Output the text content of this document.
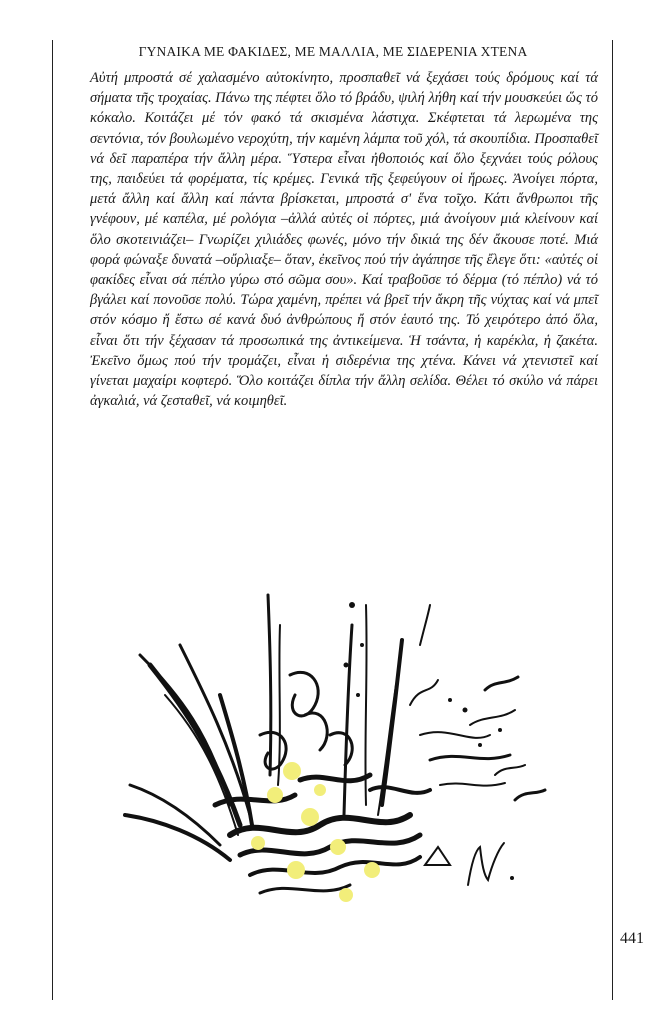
ΓΥΝΑΙΚΑ ΜΕ ΦΑΚΙΔΕΣ, ΜΕ ΜΑΛΛΙΑ, ΜΕ ΣΙΔΕΡΕΝΙΑ ΧΤΕΝΑ
Αὐτή μπροστά σέ χαλασμένο αὐτοκίνητο, προσπαθεῖ νά ξεχάσει τούς δρόμους καί τά σήματα τῆς τροχαίας. Πάνω της πέφτει ὅλο τό βράδυ, ψιλή λήθη καί τήν μουσκεύει ὥς τό κόκαλο. Κοιτάζει μέ τόν φακό τά σκισμένα λάστιχα. Σκέφτεται τά λερωμένα της σεντόνια, τόν βουλωμένο νεροχύτη, τήν καμένη λάμπα τοῦ χόλ, τά σκουπίδια. Προσπαθεῖ νά δεῖ παραπέρα τήν ἄλλη μέρα. Ὕστερα εἶναι ἠθοποιός καί ὅλο ξεχνάει τούς ρόλους της, παιδεύει τά φορέματα, τίς κρέμες. Γενικά τῆς ξεφεύγουν οἱ ἥρωες. Ἀνοίγει πόρτα, μετά ἄλλη καί ἄλλη καί πάντα βρίσκεται, μπροστά σ' ἕνα τοῖχο. Κάτι ἄνθρωποι τῆς γνέφουν, μέ καπέλα, μέ ρολόγια –ἀλλά αὐτές οἱ πόρτες, μιά ἀνοίγουν μιά κλείνουν καί ὅλο σκοτεινιάζει– Γνωρίζει χιλιάδες φωνές, μόνο τήν δικιά της δέν ἄκουσε ποτέ. Μιά φορά φώναξε δυνατά –οὔρλιαξε– ὅταν, ἐκεῖνος πού τήν ἀγάπησε τῆς ἔλεγε ὅτι: «αὐτές οἱ φακίδες εἶναι σά πέπλο γύρω στό σῶμα σου». Καί τραβοῦσε τό δέρμα (τό πέπλο) νά τό βγάλει καί πονοῦσε πολύ. Τώρα χαμένη, πρέπει νά βρεῖ τήν ἄκρη τῆς νύχτας καί νά μπεῖ στόν κόσμο ἤ ἔστω σέ κανά δυό ἀνθρώπους ἤ στόν ἑαυτό της. Τό χειρότερο ἀπό ὅλα, εἶναι ὅτι τήν ξέχασαν τά προσωπικά της ἀντικείμενα. Ἡ τσάντα, ἡ καρέκλα, ἡ ζακέτα. Ἐκεῖνο ὅμως πού τήν τρομάζει, εἶναι ἡ σιδερένια της χτένα. Κάνει νά χτενιστεῖ καί γίνεται μαχαίρι κοφτερό. Ὅλο κοιτάζει δίπλα τήν ἄλλη σελίδα. Θέλει τό σκύλο νά πάρει ἀγκαλιά, νά ζεσταθεῖ, νά κοιμηθεῖ.
441
